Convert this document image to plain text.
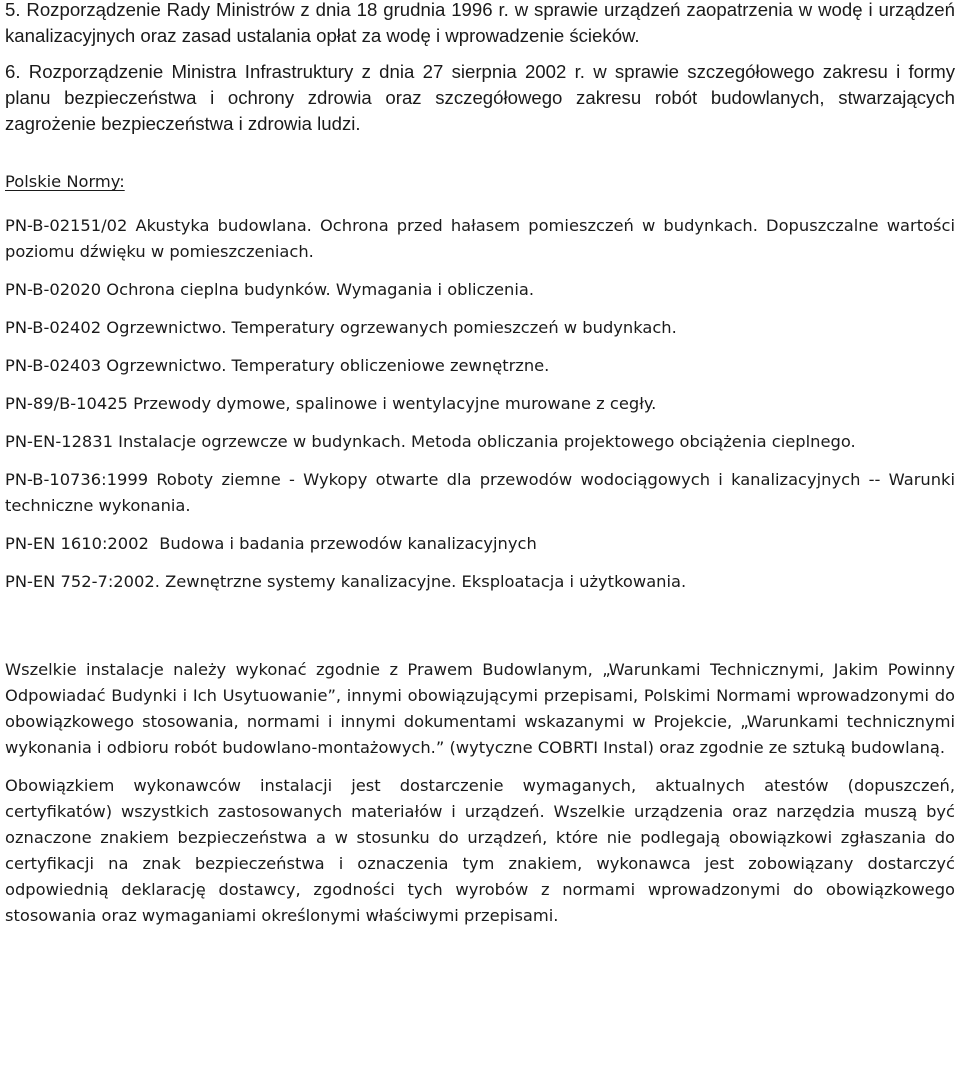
5. Rozporządzenie Rady Ministrów z dnia 18 grudnia 1996 r. w sprawie urządzeń zaopatrzenia w wodę i urządzeń kanalizacyjnych oraz zasad ustalania opłat za wodę i wprowadzenie ścieków.

6. Rozporządzenie Ministra Infrastruktury z dnia 27 sierpnia 2002 r. w sprawie szczegółowego zakresu i formy planu bezpieczeństwa i ochrony zdrowia oraz szczegółowego zakresu robót budowlanych, stwarzających zagrożenie bezpieczeństwa i zdrowia ludzi.

Polskie Normy:

PN-B-02151/02 Akustyka budowlana. Ochrona przed hałasem pomieszczeń w budynkach. Dopuszczalne wartości poziomu dźwięku w pomieszczeniach.

PN-B-02020 Ochrona cieplna budynków. Wymagania i obliczenia.

PN-B-02402 Ogrzewnictwo. Temperatury ogrzewanych pomieszczeń w budynkach.

PN-B-02403 Ogrzewnictwo. Temperatury obliczeniowe zewnętrzne.

PN-89/B-10425 Przewody dymowe, spalinowe i wentylacyjne murowane z cegły.

PN-EN-12831 Instalacje ogrzewcze w budynkach. Metoda obliczania projektowego obciążenia cieplnego.

PN-B-10736:1999 Roboty ziemne - Wykopy otwarte dla przewodów wodociągowych i kanalizacyjnych -- Warunki techniczne wykonania.

PN-EN 1610:2002  Budowa i badania przewodów kanalizacyjnych

PN-EN 752-7:2002. Zewnętrzne systemy kanalizacyjne. Eksploatacja i użytkowania.

Wszelkie instalacje należy wykonać zgodnie z Prawem Budowlanym, „Warunkami Technicznymi, Jakim Powinny Odpowiadać Budynki i Ich Usytuowanie”, innymi obowiązującymi przepisami, Polskimi Normami wprowadzonymi do obowiązkowego stosowania, normami i innymi dokumentami wskazanymi w Projekcie, „Warunkami technicznymi wykonania i odbioru robót budowlano-montażowych.” (wytyczne COBRTI Instal) oraz zgodnie ze sztuką budowlaną.

Obowiązkiem wykonawców instalacji jest dostarczenie wymaganych, aktualnych atestów (dopuszczeń, certyfikatów) wszystkich zastosowanych materiałów i urządzeń. Wszelkie urządzenia oraz narzędzia muszą być oznaczone znakiem bezpieczeństwa a w stosunku do urządzeń, które nie podlegają obowiązkowi zgłaszania do certyfikacji na znak bezpieczeństwa i oznaczenia tym znakiem, wykonawca jest zobowiązany dostarczyć odpowiednią deklarację dostawcy, zgodności tych wyrobów z normami wprowadzonymi do obowiązkowego stosowania oraz wymaganiami określonymi właściwymi przepisami.
